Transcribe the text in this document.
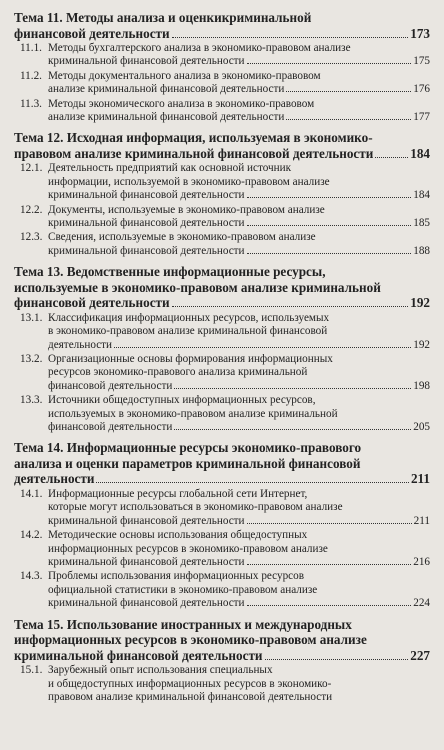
Тема 11. Методы анализа и оценкикриминальной
финансовой деятельности	173
11.1. Методы бухгалтерского анализа в экономико-правовом анализе
криминальной финансовой деятельности	175
11.2. Методы документального анализа в экономико-правовом
анализе криминальной финансовой деятельности	176
11.3. Методы экономического анализа в экономико-правовом
анализе криминальной финансовой деятельности	177
Тема 12. Исходная информация, используемая в экономико-
правовом анализе криминальной финансовой деятельности	184
12.1. Деятельность предприятий как основной источник
информации, используемой в экономико-правовом анализе
криминальной финансовой деятельности	184
12.2. Документы, используемые в экономико-правовом анализе
криминальной финансовой деятельности	185
12.3. Сведения, используемые в экономико-правовом анализе
криминальной финансовой деятельности	188
Тема 13. Ведомственные информационные ресурсы,
используемые в экономико-правовом анализе криминальной
финансовой деятельности	192
13.1. Классификация информационных ресурсов, используемых
в экономико-правовом анализе криминальной финансовой
деятельности	192
13.2. Организационные основы формирования информационных
ресурсов экономико-правового анализа криминальной
финансовой деятельности	198
13.3. Источники общедоступных информационных ресурсов,
используемых в экономико-правовом анализе криминальной
финансовой деятельности	205
Тема 14. Информационные ресурсы экономико-правового
анализа и оценки параметров криминальной финансовой
деятельности	211
14.1. Информационные ресурсы глобальной сети Интернет,
которые могут использоваться в экономико-правовом анализе
криминальной финансовой деятельности	211
14.2. Методические основы использования общедоступных
информационных ресурсов в экономико-правовом анализе
криминальной финансовой деятельности	216
14.3. Проблемы использования информационных ресурсов
официальной статистики в экономико-правовом анализе
криминальной финансовой деятельности	224
Тема 15. Использование иностранных и международных
информационных ресурсов в экономико-правовом анализе
криминальной финансовой деятельности	227
15.1. Зарубежный опыт использования специальных
и общедоступных информационных ресурсов в экономико-
правовом анализе криминальной финансовой деятельности
